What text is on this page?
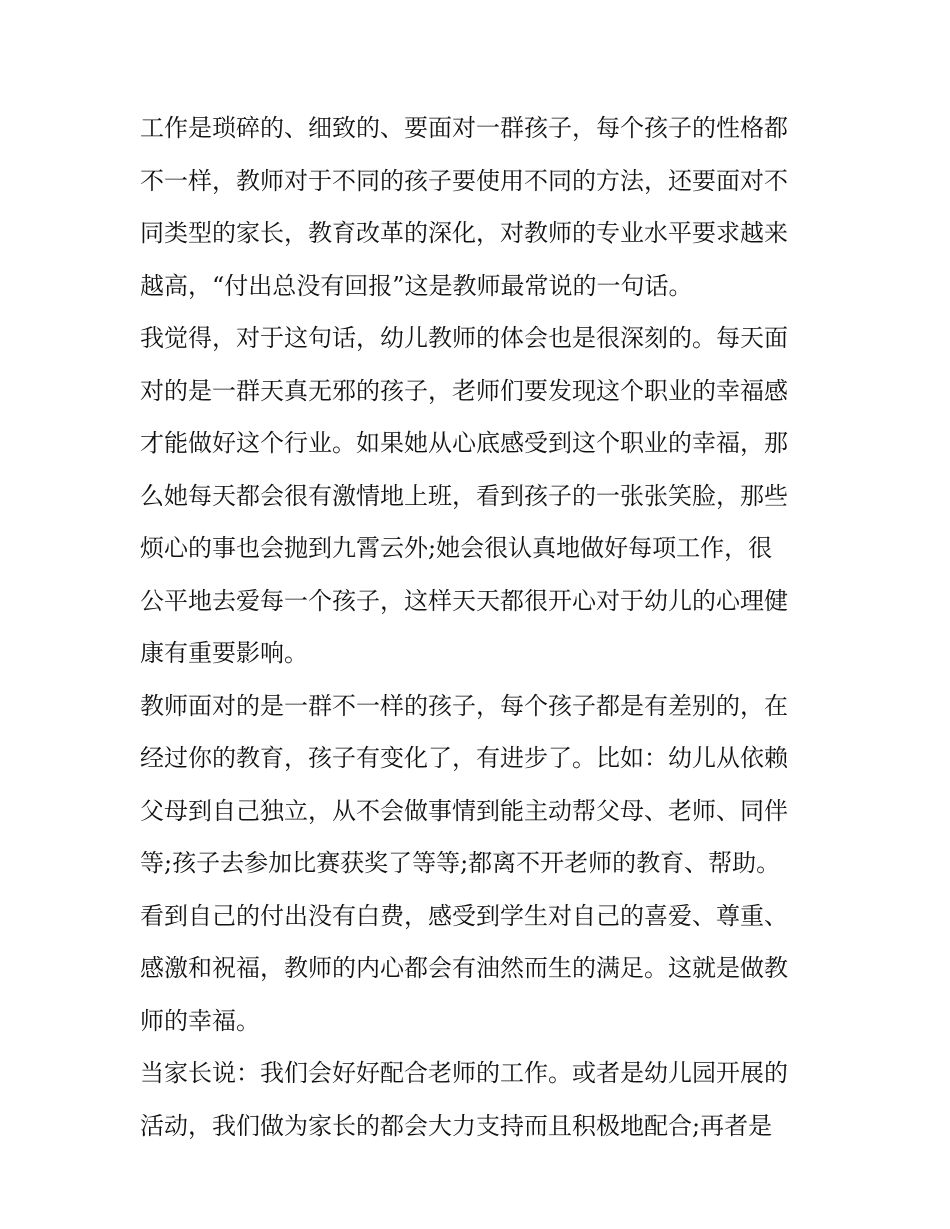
工作是琐碎的、细致的、要面对一群孩子，每个孩子的性格都
不一样，教师对于不同的孩子要使用不同的方法，还要面对不
同类型的家长，教育改革的深化，对教师的专业水平要求越来
越高，“付出总没有回报”这是教师最常说的一句话。
我觉得，对于这句话，幼儿教师的体会也是很深刻的。每天面
对的是一群天真无邪的孩子，老师们要发现这个职业的幸福感
才能做好这个行业。如果她从心底感受到这个职业的幸福，那
么她每天都会很有激情地上班，看到孩子的一张张笑脸，那些
烦心的事也会抛到九霄云外;她会很认真地做好每项工作，很
公平地去爱每一个孩子，这样天天都很开心对于幼儿的心理健
康有重要影响。
教师面对的是一群不一样的孩子，每个孩子都是有差别的，在
经过你的教育，孩子有变化了，有进步了。比如：幼儿从依赖
父母到自己独立，从不会做事情到能主动帮父母、老师、同伴
等;孩子去参加比赛获奖了等等;都离不开老师的教育、帮助。
看到自己的付出没有白费，感受到学生对自己的喜爱、尊重、
感激和祝福，教师的内心都会有油然而生的满足。这就是做教
师的幸福。
当家长说：我们会好好配合老师的工作。或者是幼儿园开展的
活动，我们做为家长的都会大力支持而且积极地配合;再者是
